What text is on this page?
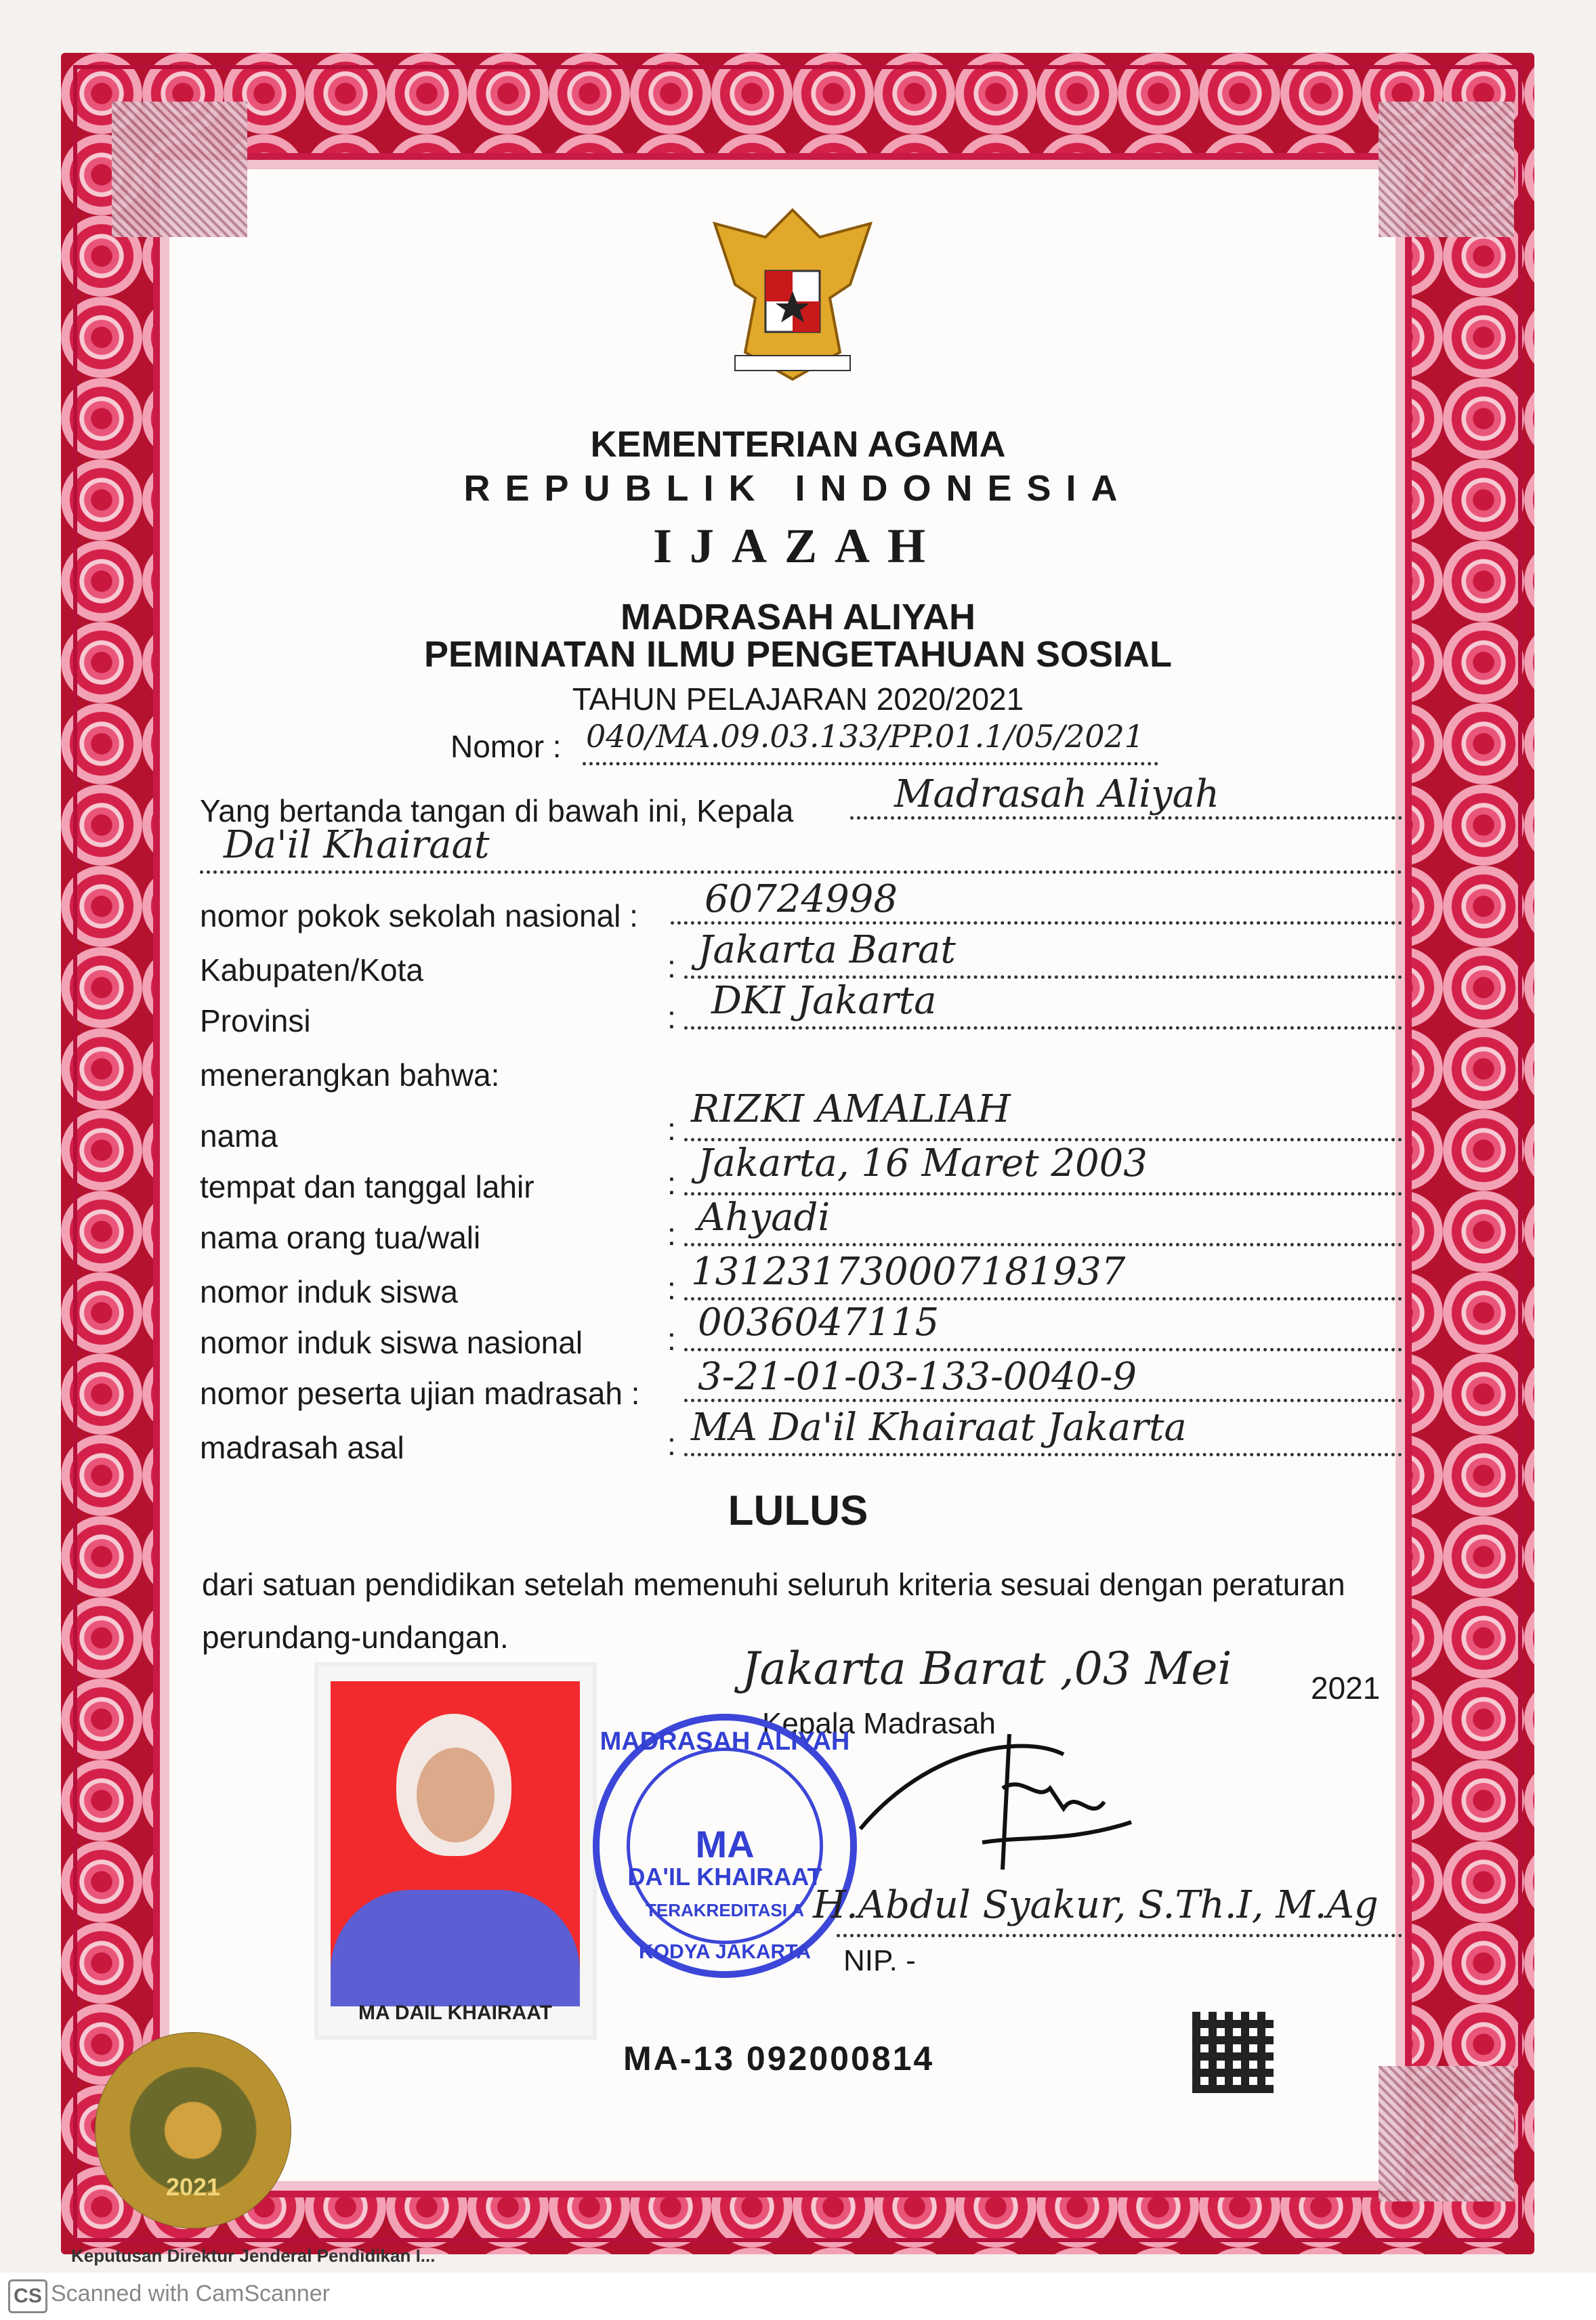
KEMENTERIAN AGAMA
REPUBLIK INDONESIA
IJAZAH
MADRASAH ALIYAH
PEMINATAN ILMU PENGETAHUAN SOSIAL
TAHUN PELAJARAN 2020/2021
Nomor : 040/MA.09.03.133/PP.01.1/05/2021
Yang bertanda tangan di bawah ini, Kepala	Madrasah Aliyah
Da'il Khairaat
nomor pokok sekolah nasional : 60724998
Kabupaten/Kota	: Jakarta Barat
Provinsi	: DKI Jakarta
menerangkan bahwa:
nama	: RIZKI AMALIAH
tempat dan tanggal lahir	: Jakarta, 16 Maret 2003
nama orang tua/wali	: Ahyadi
nomor induk siswa	: 131231730007181937
nomor induk siswa nasional	: 0036047115
nomor peserta ujian madrasah : 3-21-01-03-133-0040-9
madrasah asal	: MA Da'il Khairaat Jakarta
LULUS
dari satuan pendidikan setelah memenuhi seluruh kriteria sesuai dengan peraturan perundang-undangan.
MA DAIL KHAIRAAT
Jakarta Barat ,03 Mei	2021
Kepala Madrasah
MADRASAH ALIYAH
MA
DA'IL KHAIRAAT
TERAKREDITASI A
KODYA JAKARTA
H.Abdul Syakur, S.Th.I, M.Ag
NIP. -
MA-13 092000814
2021
Keputusan Direktur Jenderal Pendidikan I...
CS Scanned with CamScanner
